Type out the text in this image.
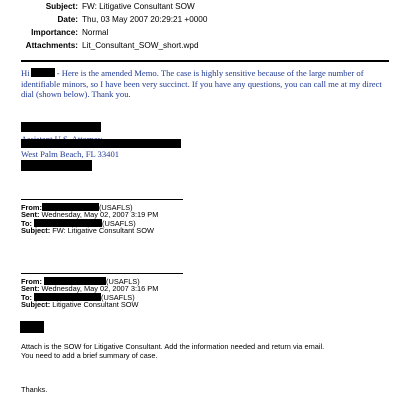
Subject: FW: Litigative Consultant SOW
Date: Thu, 03 May 2007 20:29:21 +0000
Importance: Normal
Attachments: Lit_Consultant_SOW_short.wpd
Hi	- Here is the amended Memo. The case is highly sensitive because of the large number of identifiable minors, so I have been very succinct. If you have any questions, you can call me at my direct dial (shown below). Thank you.
West Palm Beach, FL 33401
From:	(USAFLS)
Sent: Wednesday, May 02, 2007 3:19 PM
To:	(USAFLS)
Subject: FW: Litigative Consultant SOW
From:	(USAFLS)
Sent: Wednesday, May 02, 2007 3:16 PM
To:	(USAFLS)
Subject: Litigative Consultant SOW
Attach is the SOW for Litigative Consultant. Add the information needed and return via email.
You need to add a brief summary of case.
Thanks.
